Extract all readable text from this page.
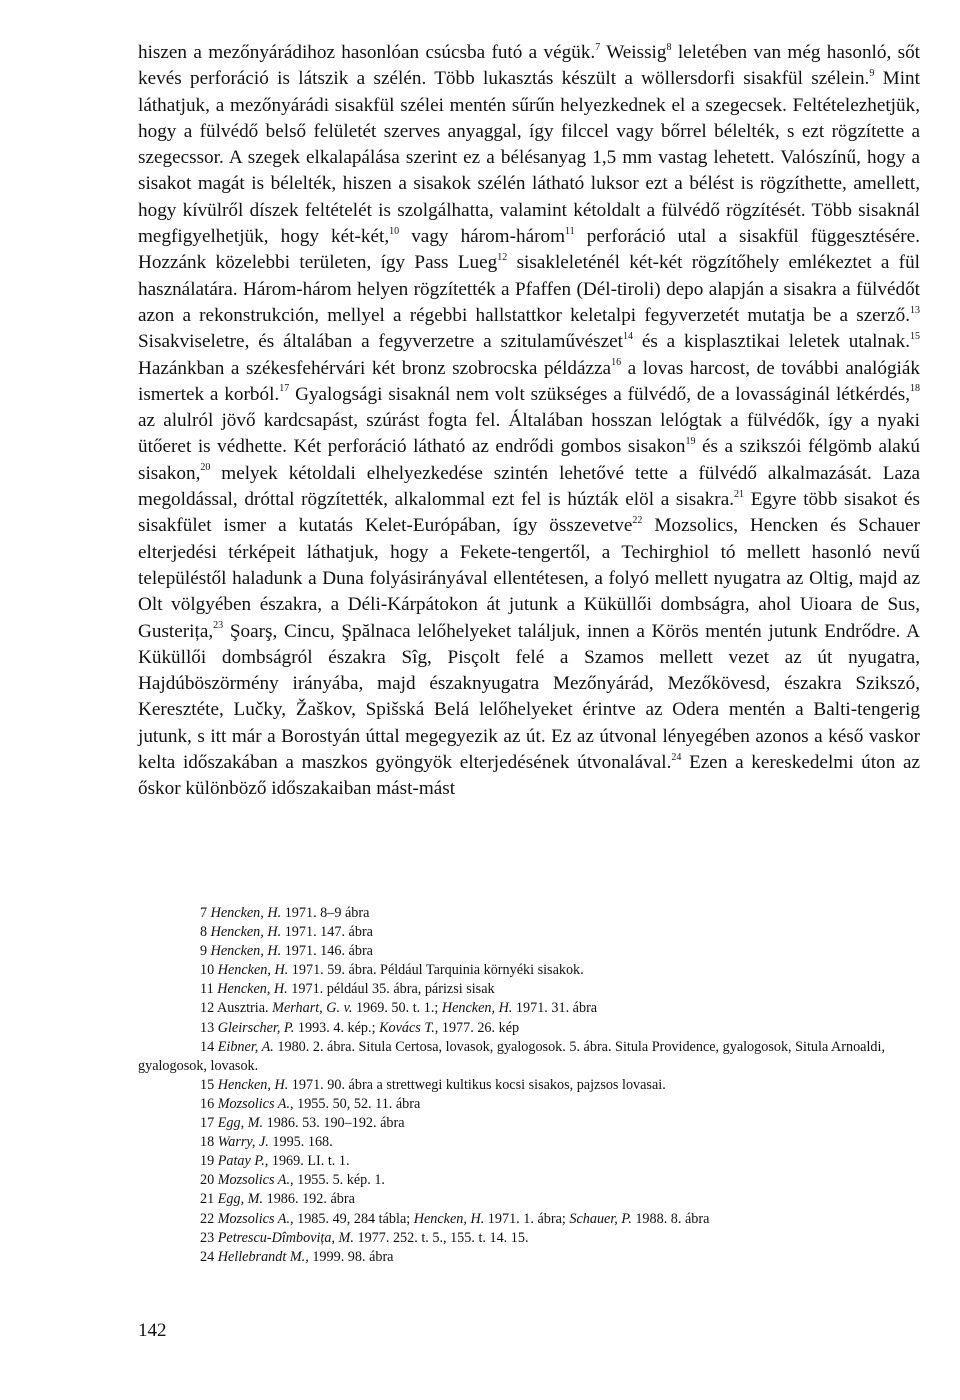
hiszen a mezőnyárádihoz hasonlóan csúcsba futó a végük.$^7$ Weissig$^8$ leletében van még hasonló, sőt kevés perforáció is látszik a szélén. Több lukasztás készült a wöllersdorfi sisakfül szélein.$^9$ Mint láthatjuk, a mezőnyárádi sisakfül szélei mentén sűrűn helyezkednek el a szegecsek. Feltételezhetjük, hogy a fülvédő belső felületét szerves anyaggal, így filccel vagy bőrrel bélelték, s ezt rögzítette a szegecssor. A szegek elkalapálása szerint ez a bélésanyag 1,5 mm vastag lehetett. Valószínű, hogy a sisakot magát is bélelték, hiszen a sisakok szélén látható luksor ezt a bélést is rögzíthette, amellett, hogy kívülről díszek feltételét is szolgálhatta, valamint kétoldalt a fülvédő rögzítését. Több sisaknál megfigyelhetjük, hogy két-két,$^{10}$ vagy három-három$^{11}$ perforáció utal a sisakfül függesztésére. Hozzánk közelebbi területen, így Pass Lueg$^{12}$ sisakleleténél két-két rögzítőhely emlékeztet a fül használatára. Három-három helyen rögzítették a Pfaffen (Dél-tiroli) depo alapján a sisakra a fülvédőt azon a rekonstrukción, mellyel a régebbi hallstattkor keletalpi fegyverzetét mutatja be a szerző.$^{13}$ Sisakviseletre, és általában a fegyverzetre a szitulaművészet$^{14}$ és a kisplasztikai leletek utalnak.$^{15}$ Hazánkban a székesfehérvári két bronz szobrocska példázza$^{16}$ a lovas harcost, de további analógiák ismertek a korból.$^{17}$ Gyalogsági sisaknál nem volt szükséges a fülvédő, de a lovasságinál létkérdés,$^{18}$ az alulról jövő kardcsapást, szúrást fogta fel. Általában hosszan lelógtak a fülvédők, így a nyaki ütőeret is védhette. Két perforáció látható az endrődi gombos sisakon$^{19}$ és a szikszói félgömb alakú sisakon,$^{20}$ melyek kétoldali elhelyezkedése szintén lehetővé tette a fülvédő alkalmazását. Laza megoldással, dróttal rögzítették, alkalommal ezt fel is húzták elöl a sisakra.$^{21}$ Egyre több sisakot és sisakfület ismer a kutatás Kelet-Európában, így összevetve$^{22}$ Mozsolics, Hencken és Schauer elterjedési térképeit láthatjuk, hogy a Fekete-tengertől, a Techirghiol tó mellett hasonló nevű településtől haladunk a Duna folyásirányával ellentétesen, a folyó mellett nyugatra az Oltig, majd az Olt völgyében északra, a Déli-Kárpátokon át jutunk a Küküllői dombságra, ahol Uioara de Sus, Gusterița,$^{23}$ Şoarş, Cincu, Şpălnaca lelőhelyeket találjuk, innen a Körös mentén jutunk Endrődre. A Küküllői dombságról északra Sîg, Pisçolt felé a Szamos mellett vezet az út nyugatra, Hajdúböszörmény irányába, majd északnyugatra Mezőnyárád, Mezőkövesd, északra Szikszó, Keresztéte, Lučky, Žaškov, Spišská Belá lelőhelyeket érintve az Odera mentén a Balti-tengerig jutunk, s itt már a Borostyán úttal megegyezik az út. Ez az útvonal lényegében azonos a késő vaskor kelta időszakában a maszkos gyöngyök elterjedésének útvonalával.$^{24}$ Ezen a kereskedelmi úton az őskor különböző időszakaiban mást-mást

7 Hencken, H. 1971. 8–9 ábra

8 Hencken, H. 1971. 147. ábra

9 Hencken, H. 1971. 146. ábra

10 Hencken, H. 1971. 59. ábra. Például Tarquinia környéki sisakok.

11 Hencken, H. 1971. például 35. ábra, párizsi sisak

12 Ausztria. Merhart, G. v. 1969. 50. t. 1.; Hencken, H. 1971. 31. ábra

13 Gleirscher, P. 1993. 4. kép.; Kovács T., 1977. 26. kép

14 Eibner, A. 1980. 2. ábra. Situla Certosa, lovasok, gyalogosok. 5. ábra. Situla Providence, gyalogosok, Situla Arnoaldi, gyalogosok, lovasok.

15 Hencken, H. 1971. 90. ábra a strettwegi kultikus kocsi sisakos, pajzsos lovasai.

16 Mozsolics A., 1955. 50, 52. 11. ábra

17 Egg, M. 1986. 53. 190–192. ábra

18 Warry, J. 1995. 168.

19 Patay P., 1969. LI. t. 1.

20 Mozsolics A., 1955. 5. kép. 1.

21 Egg, M. 1986. 192. ábra

22 Mozsolics A., 1985. 49, 284 tábla; Hencken, H. 1971. 1. ábra; Schauer, P. 1988. 8. ábra

23 Petrescu-Dîmbovița, M. 1977. 252. t. 5., 155. t. 14. 15.

24 Hellebrandt M., 1999. 98. ábra

142
